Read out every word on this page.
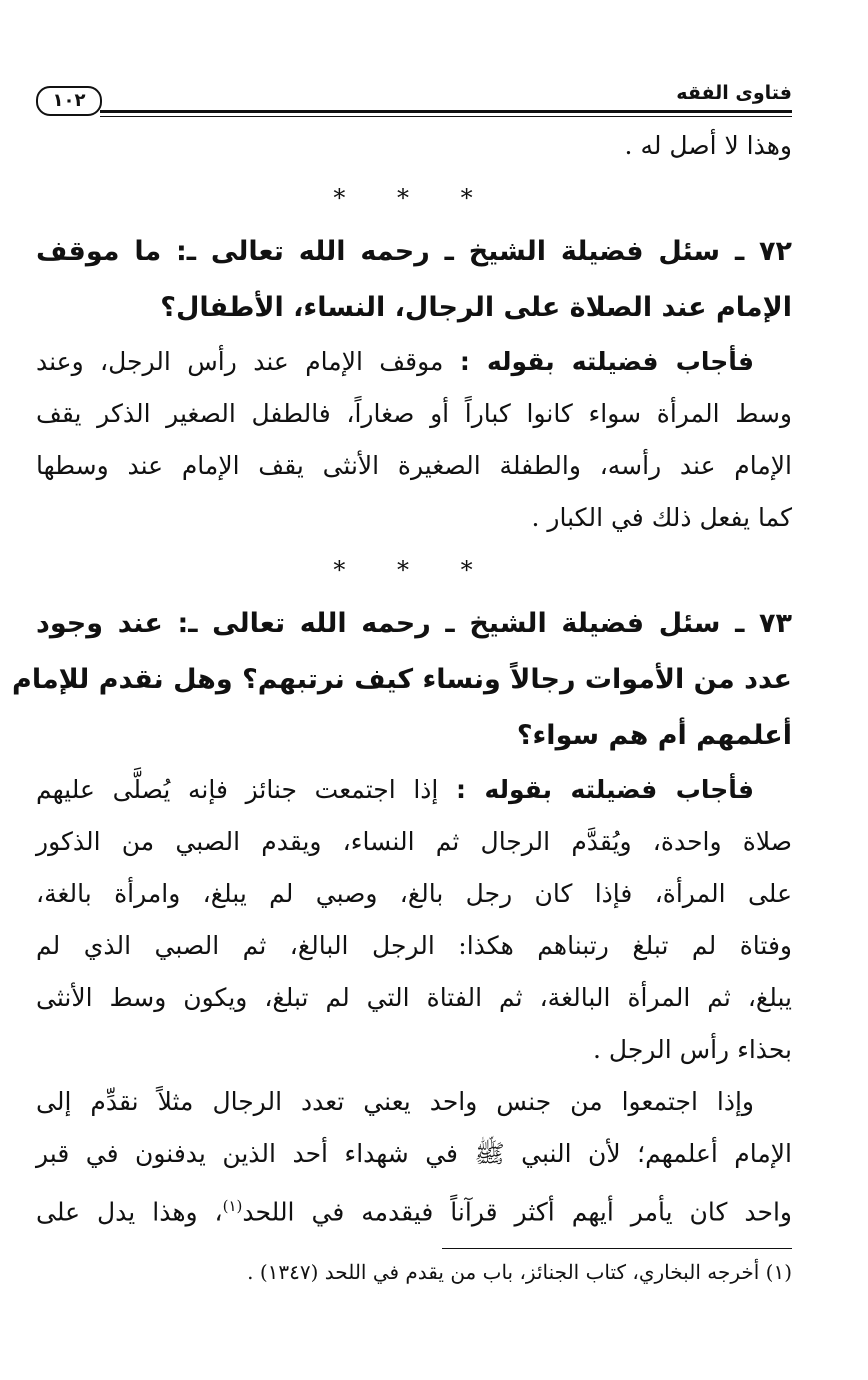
فتاوى الفقه
١٠٢
وهذا لا أصل له .
* * *
٧٢ ـ سئل فضيلة الشيخ ـ رحمه الله تعالى ـ: ما موقف
الإمام عند الصلاة على الرجال، النساء، الأطفال؟
فأجاب فضيلته بقوله : موقف الإمام عند رأس الرجل، وعند
وسط المرأة سواء كانوا كباراً أو صغاراً، فالطفل الصغير الذكر يقف
الإمام عند رأسه، والطفلة الصغيرة الأنثى يقف الإمام عند وسطها
كما يفعل ذلك في الكبار .
* * *
٧٣ ـ سئل فضيلة الشيخ ـ رحمه الله تعالى ـ: عند وجود
عدد من الأموات رجالاً ونساء كيف نرتبهم؟ وهل نقدم للإمام
أعلمهم أم هم سواء؟
فأجاب فضيلته بقوله : إذا اجتمعت جنائز فإنه يُصلَّى عليهم
صلاة واحدة، ويُقدَّم الرجال ثم النساء، ويقدم الصبي من الذكور
على المرأة، فإذا كان رجل بالغ، وصبي لم يبلغ، وامرأة بالغة،
وفتاة لم تبلغ رتبناهم هكذا: الرجل البالغ، ثم الصبي الذي لم
يبلغ، ثم المرأة البالغة، ثم الفتاة التي لم تبلغ، ويكون وسط الأنثى
بحذاء رأس الرجل .
وإذا اجتمعوا من جنس واحد يعني تعدد الرجال مثلاً نقدِّم إلى
الإمام أعلمهم؛ لأن النبي ﷺ في شهداء أحد الذين يدفنون في قبر
واحد كان يأمر أيهم أكثر قرآناً فيقدمه في اللحد$^{(١)}$، وهذا يدل على
(١) أخرجه البخاري، كتاب الجنائز، باب من يقدم في اللحد (١٣٤٧) .
